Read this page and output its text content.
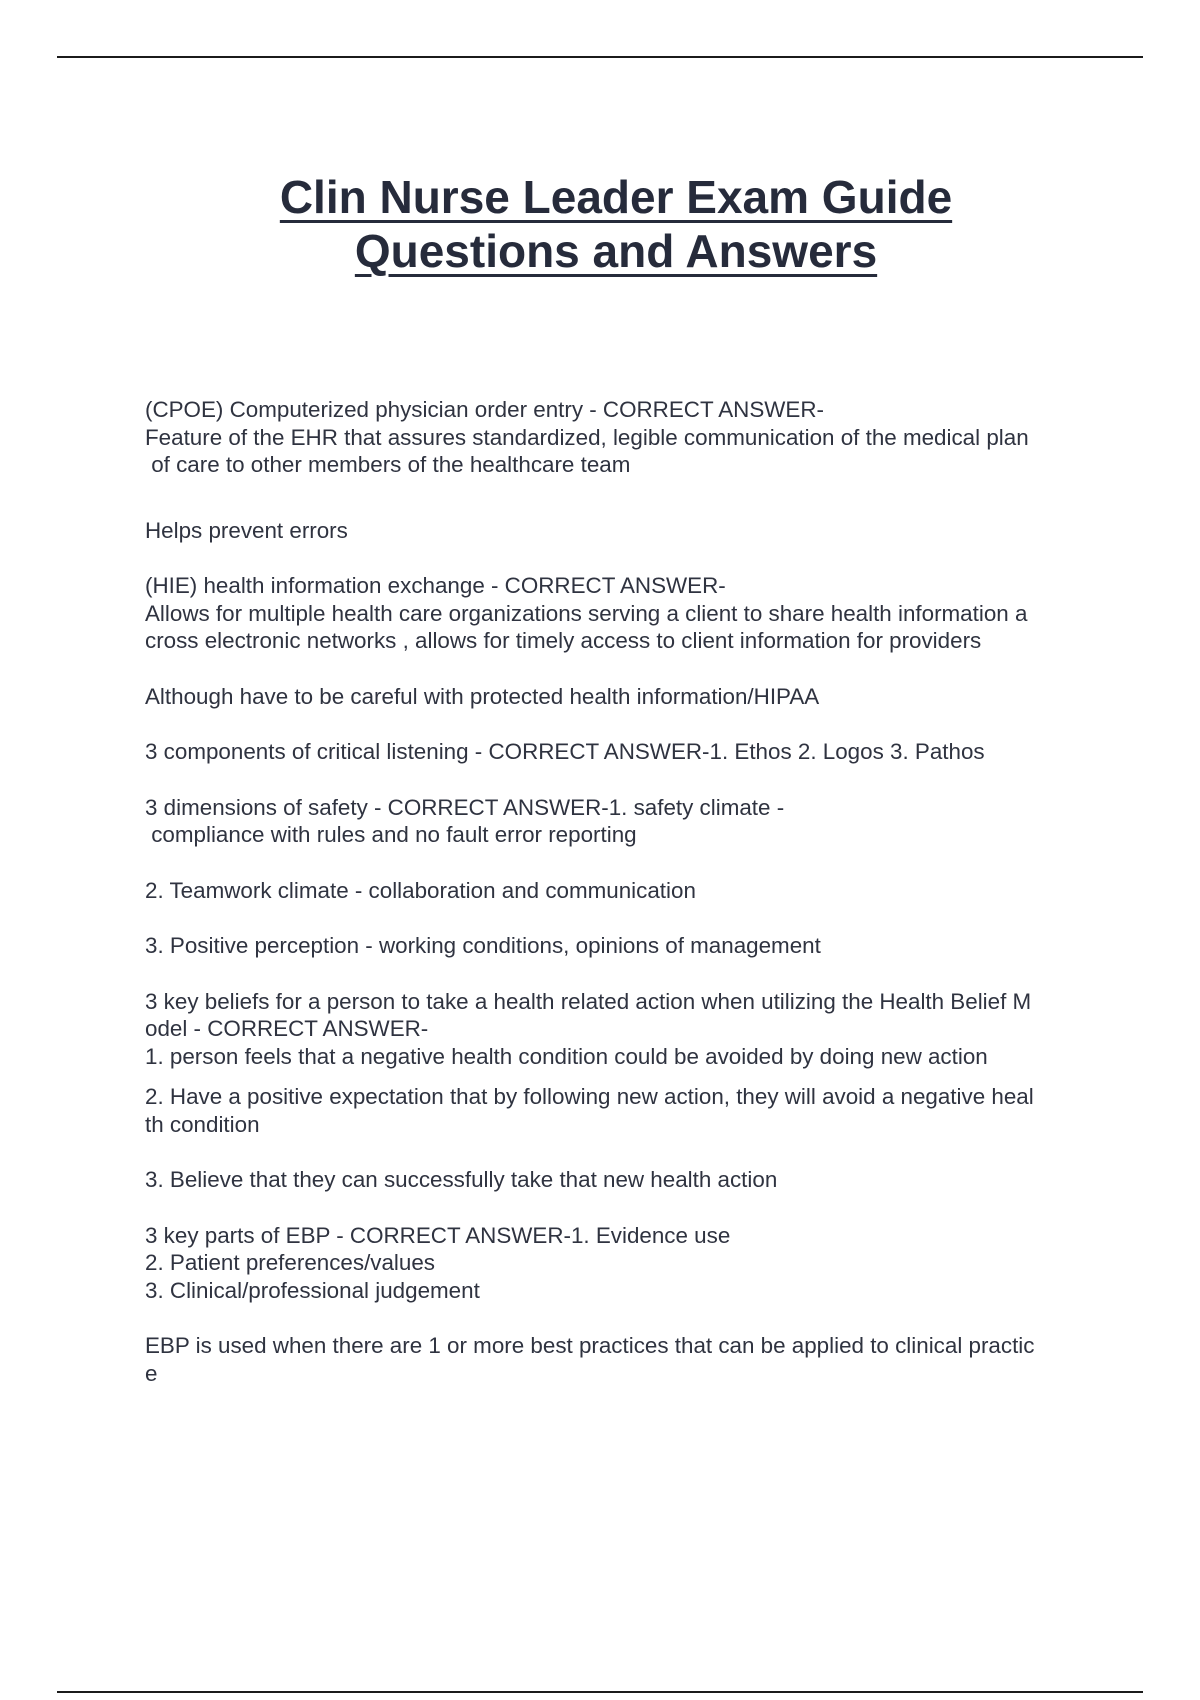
Clin Nurse Leader Exam Guide
Questions and Answers

(CPOE) Computerized physician order entry - CORRECT ANSWER-

Feature of the EHR that assures standardized, legible communication of the medical plan

of care to other members of the healthcare team

Helps prevent errors

(HIE) health information exchange - CORRECT ANSWER-

Allows for multiple health care organizations serving a client to share health information a

cross electronic networks , allows for timely access to client information for providers

Although have to be careful with protected health information/HIPAA

3 components of critical listening - CORRECT ANSWER-1. Ethos 2. Logos 3. Pathos

3 dimensions of safety - CORRECT ANSWER-1. safety climate -

compliance with rules and no fault error reporting

2. Teamwork climate - collaboration and communication

3. Positive perception - working conditions, opinions of management

3 key beliefs for a person to take a health related action when utilizing the Health Belief M

odel - CORRECT ANSWER-

1. person feels that a negative health condition could be avoided by doing new action

2. Have a positive expectation that by following new action, they will avoid a negative heal

th condition

3. Believe that they can successfully take that new health action

3 key parts of EBP - CORRECT ANSWER-1. Evidence use

2. Patient preferences/values

3. Clinical/professional judgement

EBP is used when there are 1 or more best practices that can be applied to clinical practic

e
